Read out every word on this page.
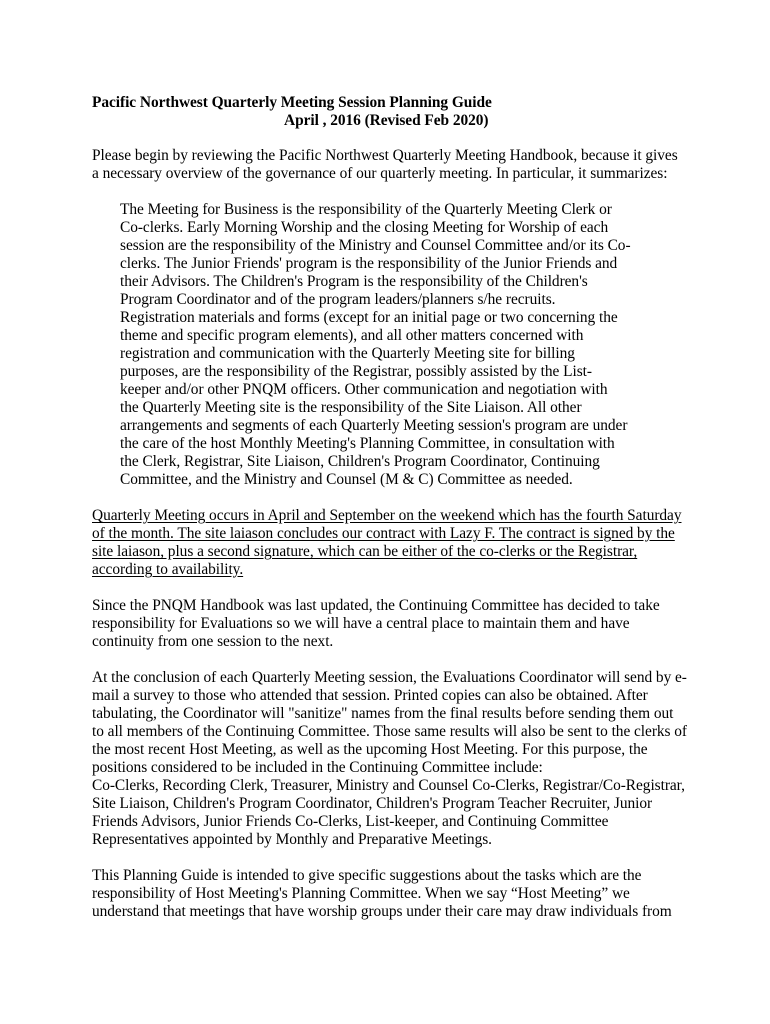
Pacific Northwest Quarterly Meeting Session Planning Guide
April , 2016 (Revised Feb 2020)
Please begin by reviewing the Pacific Northwest Quarterly Meeting Handbook, because it gives
a necessary overview of the governance of our quarterly meeting. In particular, it summarizes:
The Meeting for Business is the responsibility of the Quarterly Meeting Clerk or
Co-clerks. Early Morning Worship and the closing Meeting for Worship of each
session are the responsibility of the Ministry and Counsel Committee and/or its Co-
clerks. The Junior Friends' program is the responsibility of the Junior Friends and
their Advisors. The Children's Program is the responsibility of the Children's
Program Coordinator and of the program leaders/planners s/he recruits.
Registration materials and forms (except for an initial page or two concerning the
theme and specific program elements), and all other matters concerned with
registration and communication with the Quarterly Meeting site for billing
purposes, are the responsibility of the Registrar, possibly assisted by the List-
keeper and/or other PNQM officers. Other communication and negotiation with
the Quarterly Meeting site is the responsibility of the Site Liaison. All other
arrangements and segments of each Quarterly Meeting session's program are under
the care of the host Monthly Meeting's Planning Committee, in consultation with
the Clerk, Registrar, Site Liaison, Children's Program Coordinator, Continuing
Committee, and the Ministry and Counsel (M & C) Committee as needed.
Quarterly Meeting occurs in April and September on the weekend which has the fourth Saturday
of the month. The site laiason concludes our contract with Lazy F. The contract is signed by the
site laiason, plus a second signature, which can be either of the co-clerks or the Registrar,
according to availability.
Since the PNQM Handbook was last updated, the Continuing Committee has decided to take
responsibility for Evaluations so we will have a central place to maintain them and have
continuity from one session to the next.
At the conclusion of each Quarterly Meeting session, the Evaluations Coordinator will send by e-
mail a survey to those who attended that session. Printed copies can also be obtained. After
tabulating, the Coordinator will "sanitize" names from the final results before sending them out
to all members of the Continuing Committee. Those same results will also be sent to the clerks of
the most recent Host Meeting, as well as the upcoming Host Meeting. For this purpose, the
positions considered to be included in the Continuing Committee include:
Co-Clerks, Recording Clerk, Treasurer, Ministry and Counsel Co-Clerks, Registrar/Co-Registrar,
Site Liaison, Children's Program Coordinator, Children's Program Teacher Recruiter, Junior
Friends Advisors, Junior Friends Co-Clerks, List-keeper, and Continuing Committee
Representatives appointed by Monthly and Preparative Meetings.
This Planning Guide is intended to give specific suggestions about the tasks which are the
responsibility of Host Meeting's Planning Committee. When we say “Host Meeting” we
understand that meetings that have worship groups under their care may draw individuals from
